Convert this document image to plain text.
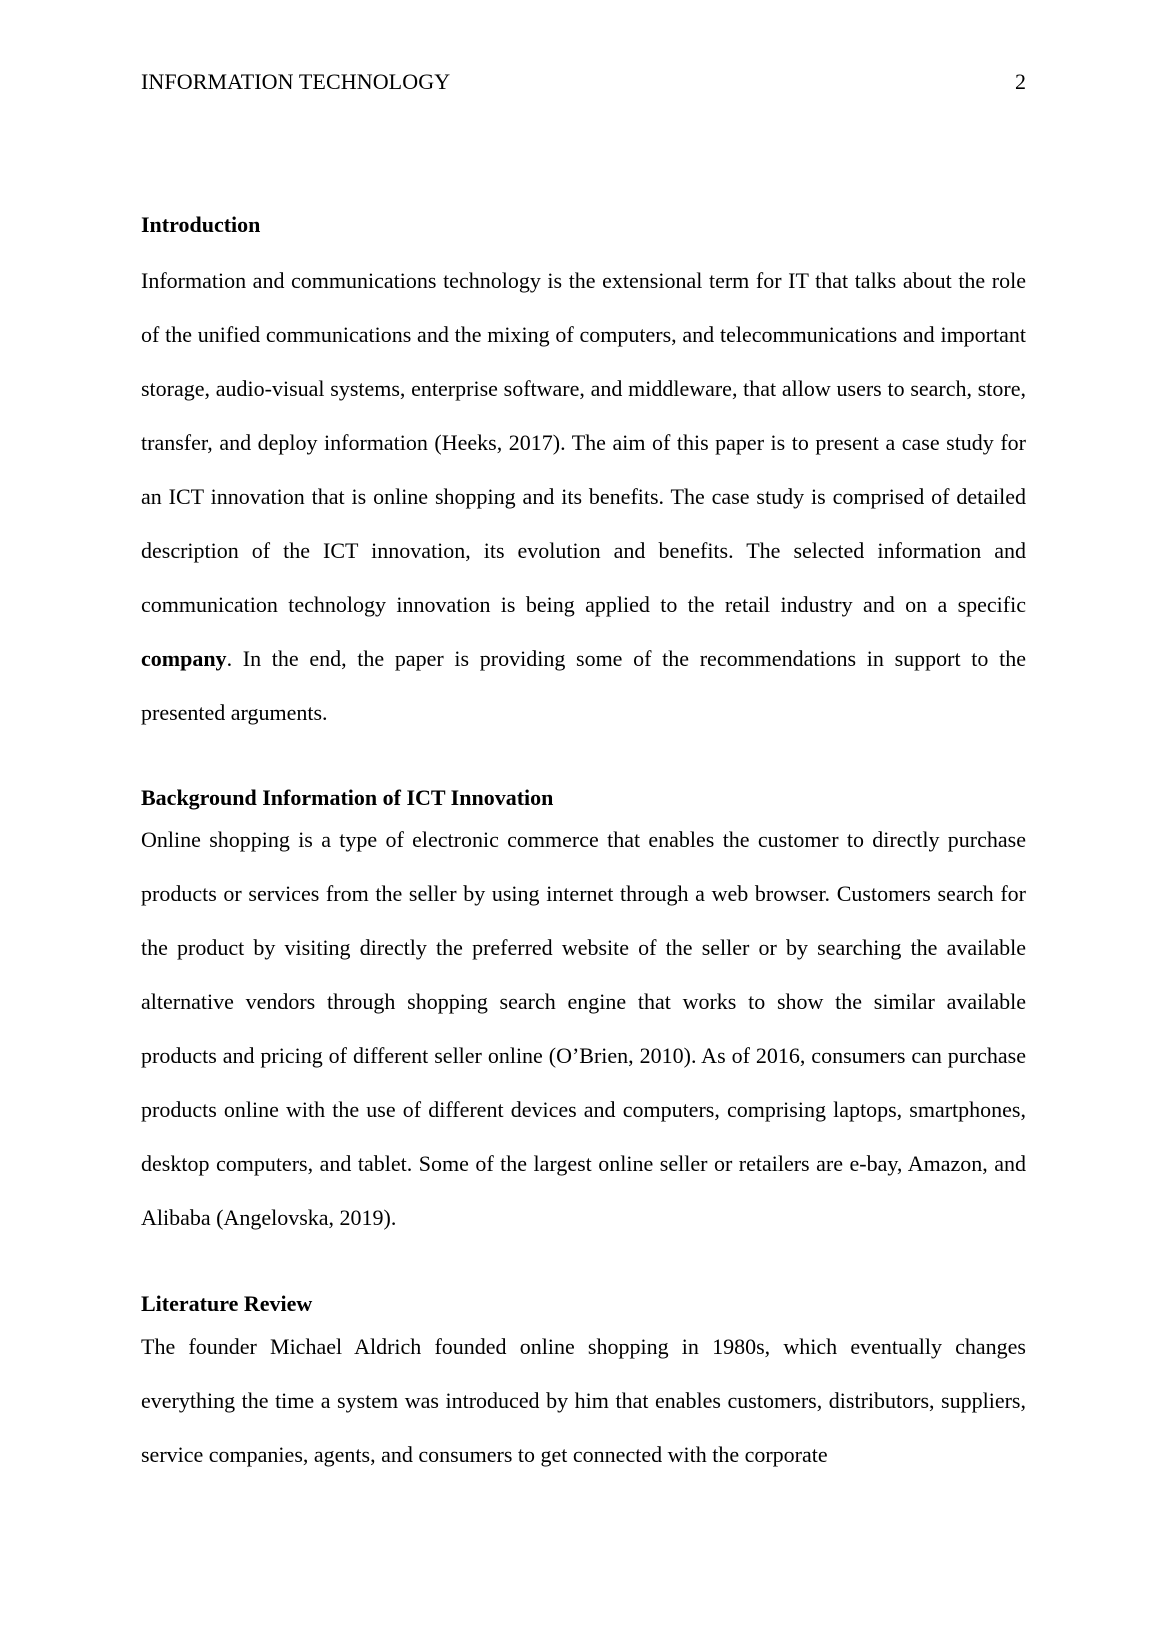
INFORMATION TECHNOLOGY	2
Introduction

Information and communications technology is the extensional term for IT that talks about the role of the unified communications and the mixing of computers, and telecommunications and important storage, audio-visual systems, enterprise software, and middleware, that allow users to search, store, transfer, and deploy information (Heeks, 2017). The aim of this paper is to present a case study for an ICT innovation that is online shopping and its benefits. The case study is comprised of detailed description of the ICT innovation, its evolution and benefits. The selected information and communication technology innovation is being applied to the retail industry and on a specific company. In the end, the paper is providing some of the recommendations in support to the presented arguments.

Background Information of ICT Innovation

Online shopping is a type of electronic commerce that enables the customer to directly purchase products or services from the seller by using internet through a web browser. Customers search for the product by visiting directly the preferred website of the seller or by searching the available alternative vendors through shopping search engine that works to show the similar available products and pricing of different seller online (O’Brien, 2010). As of 2016, consumers can purchase products online with the use of different devices and computers, comprising laptops, smartphones, desktop computers, and tablet. Some of the largest online seller or retailers are e-bay, Amazon, and Alibaba (Angelovska, 2019).

Literature Review

The founder Michael Aldrich founded online shopping in 1980s, which eventually changes everything the time a system was introduced by him that enables customers, distributors, suppliers, service companies, agents, and consumers to get connected with the corporate
